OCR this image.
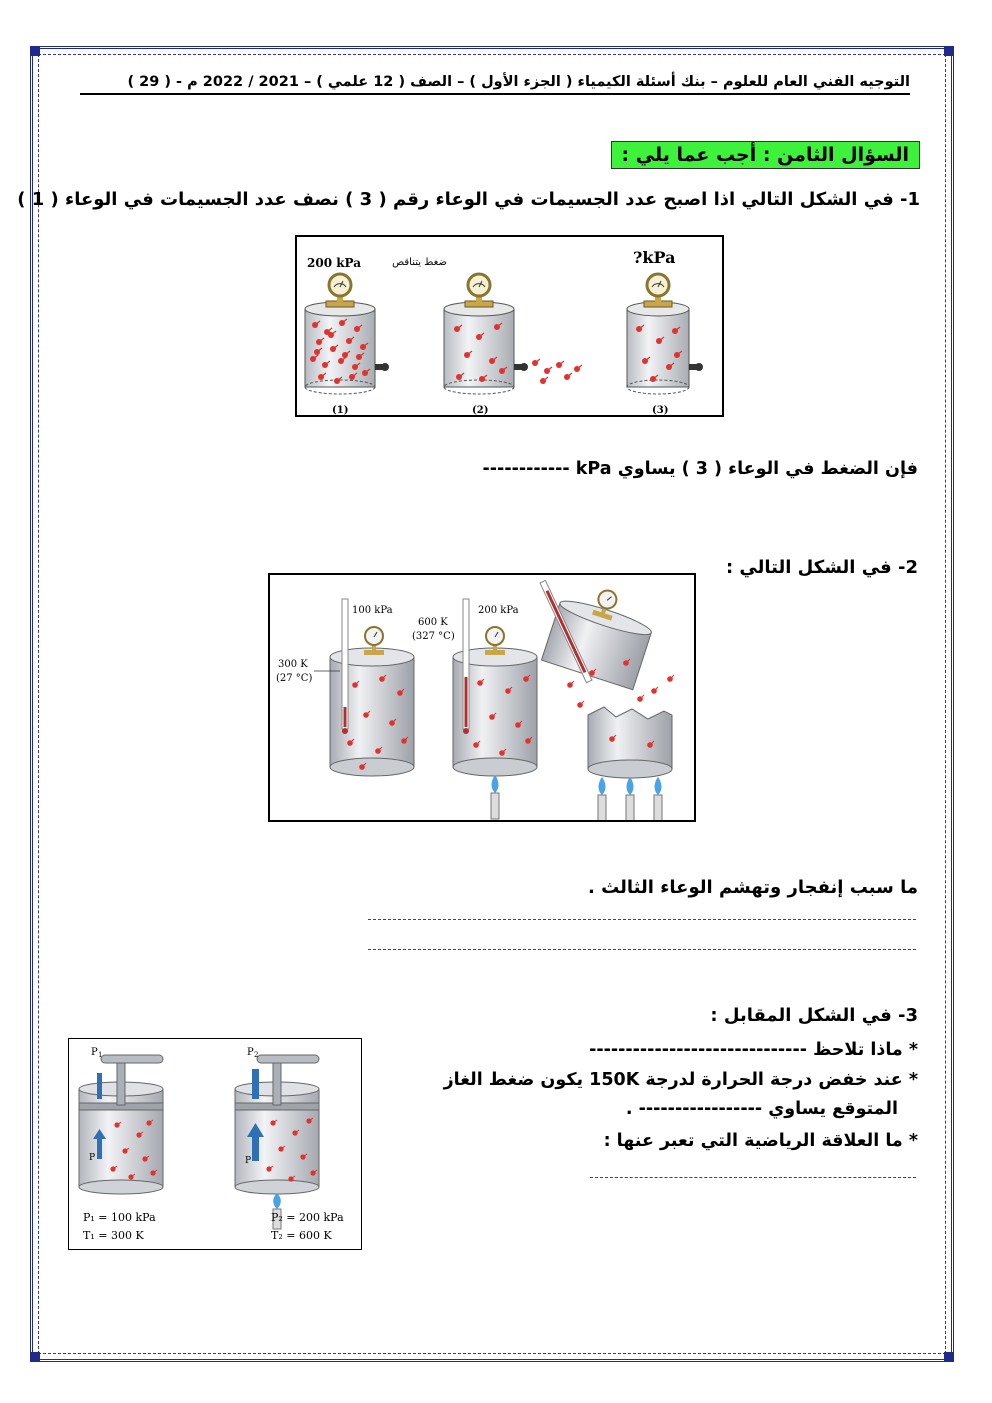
التوجيه الفني العام للعلوم – بنك أسئلة الكيمياء ( الجزء الأول ) – الصف ( 12 علمي ) – 2021 / 2022 م - ( 29 )
السؤال الثامن : أجب عما يلي :
1- في الشكل التالي اذا اصبح عدد الجسيمات في الوعاء رقم ( 3 ) نصف عدد الجسيمات في الوعاء ( 1 )
200 kPa	ضغط يتناقص	?kPa
(1)	(2)	(3)
فإن الضغط في الوعاء ( 3 ) يساوي kPa ------------
2- في الشكل التالي :
100 kPa
300 K
(27 °C)
600 K
(327 °C)
200 kPa
ما سبب إنفجار وتهشم الوعاء الثالث .
3- في الشكل المقابل :
* ماذا تلاحظ ------------------------------
* عند خفض درجة الحرارة لدرجة 150K يكون ضغط الغاز
المتوقع يساوي ----------------- .
* ما العلاقة الرياضية التي تعبر عنها :
P 1	P 2
P	P
P₁ = 100 kPa
T₁ = 300 K
P₂ = 200 kPa
T₂ = 600 K
